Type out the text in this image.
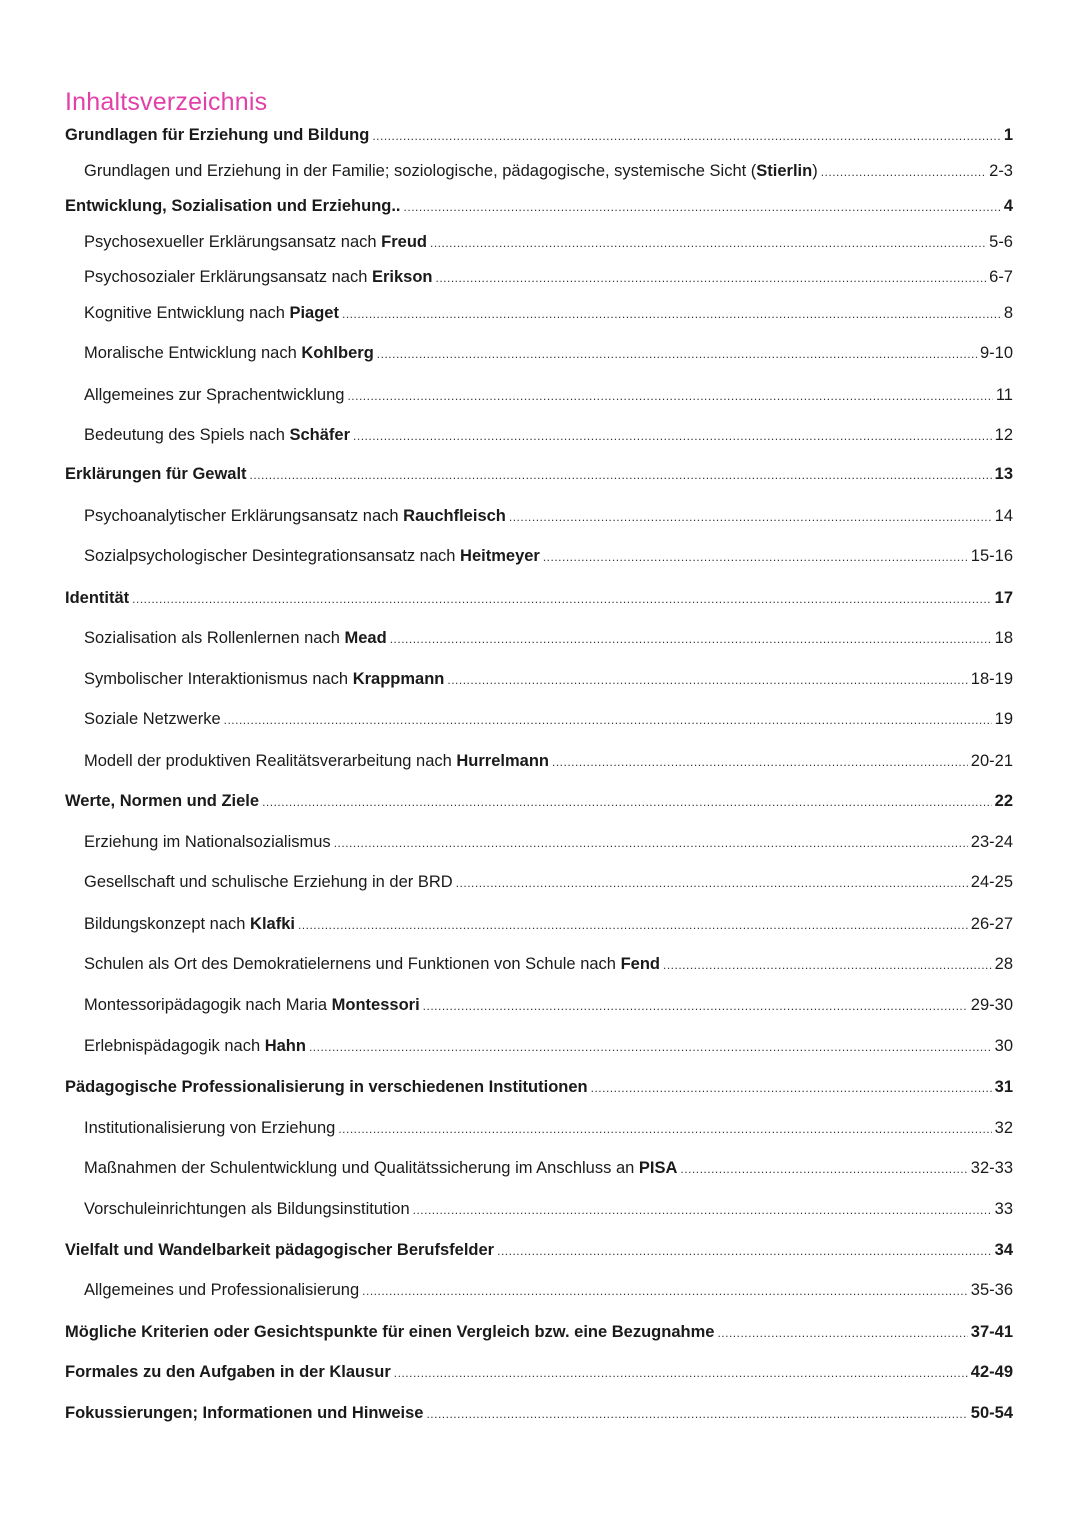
Inhaltsverzeichnis
Grundlagen für Erziehung und Bildung .....	1
Grundlagen und Erziehung in der Familie; soziologische, pädagogische, systemische Sicht (Stierlin) .....	2-3
Entwicklung, Sozialisation und Erziehung.. .....	4
Psychosexueller Erklärungsansatz nach Freud .....	5-6
Psychosozialer Erklärungsansatz nach Erikson .....	6-7
Kognitive Entwicklung nach Piaget .....	8
Moralische Entwicklung nach Kohlberg .....	9-10
Allgemeines zur Sprachentwicklung .....	11
Bedeutung des Spiels nach Schäfer .....	12
Erklärungen für Gewalt .....	13
Psychoanalytischer Erklärungsansatz nach Rauchfleisch .....	14
Sozialpsychologischer Desintegrationsansatz nach Heitmeyer .....	15-16
Identität .....	17
Sozialisation als Rollenlernen nach Mead .....	18
Symbolischer Interaktionismus nach Krappmann .....	18-19
Soziale Netzwerke .....	19
Modell der produktiven Realitätsverarbeitung nach Hurrelmann .....	20-21
Werte, Normen und Ziele .....	22
Erziehung im Nationalsozialismus .....	23-24
Gesellschaft und schulische Erziehung in der BRD .....	24-25
Bildungskonzept nach Klafki .....	26-27
Schulen als Ort des Demokratielernens und Funktionen von Schule nach Fend .....	28
Montessoripädagogik nach Maria Montessori .....	29-30
Erlebnispädagogik nach Hahn .....	30
Pädagogische Professionalisierung in verschiedenen Institutionen .....	31
Institutionalisierung von Erziehung .....	32
Maßnahmen der Schulentwicklung und Qualitätssicherung im Anschluss an PISA .....	32-33
Vorschuleinrichtungen als Bildungsinstitution .....	33
Vielfalt und Wandelbarkeit pädagogischer Berufsfelder .....	34
Allgemeines und Professionalisierung .....	35-36
Mögliche Kriterien oder Gesichtspunkte für einen Vergleich bzw. eine Bezugnahme .....	37-41
Formales zu den Aufgaben in der Klausur .....	42-49
Fokussierungen; Informationen und Hinweise .....	50-54
